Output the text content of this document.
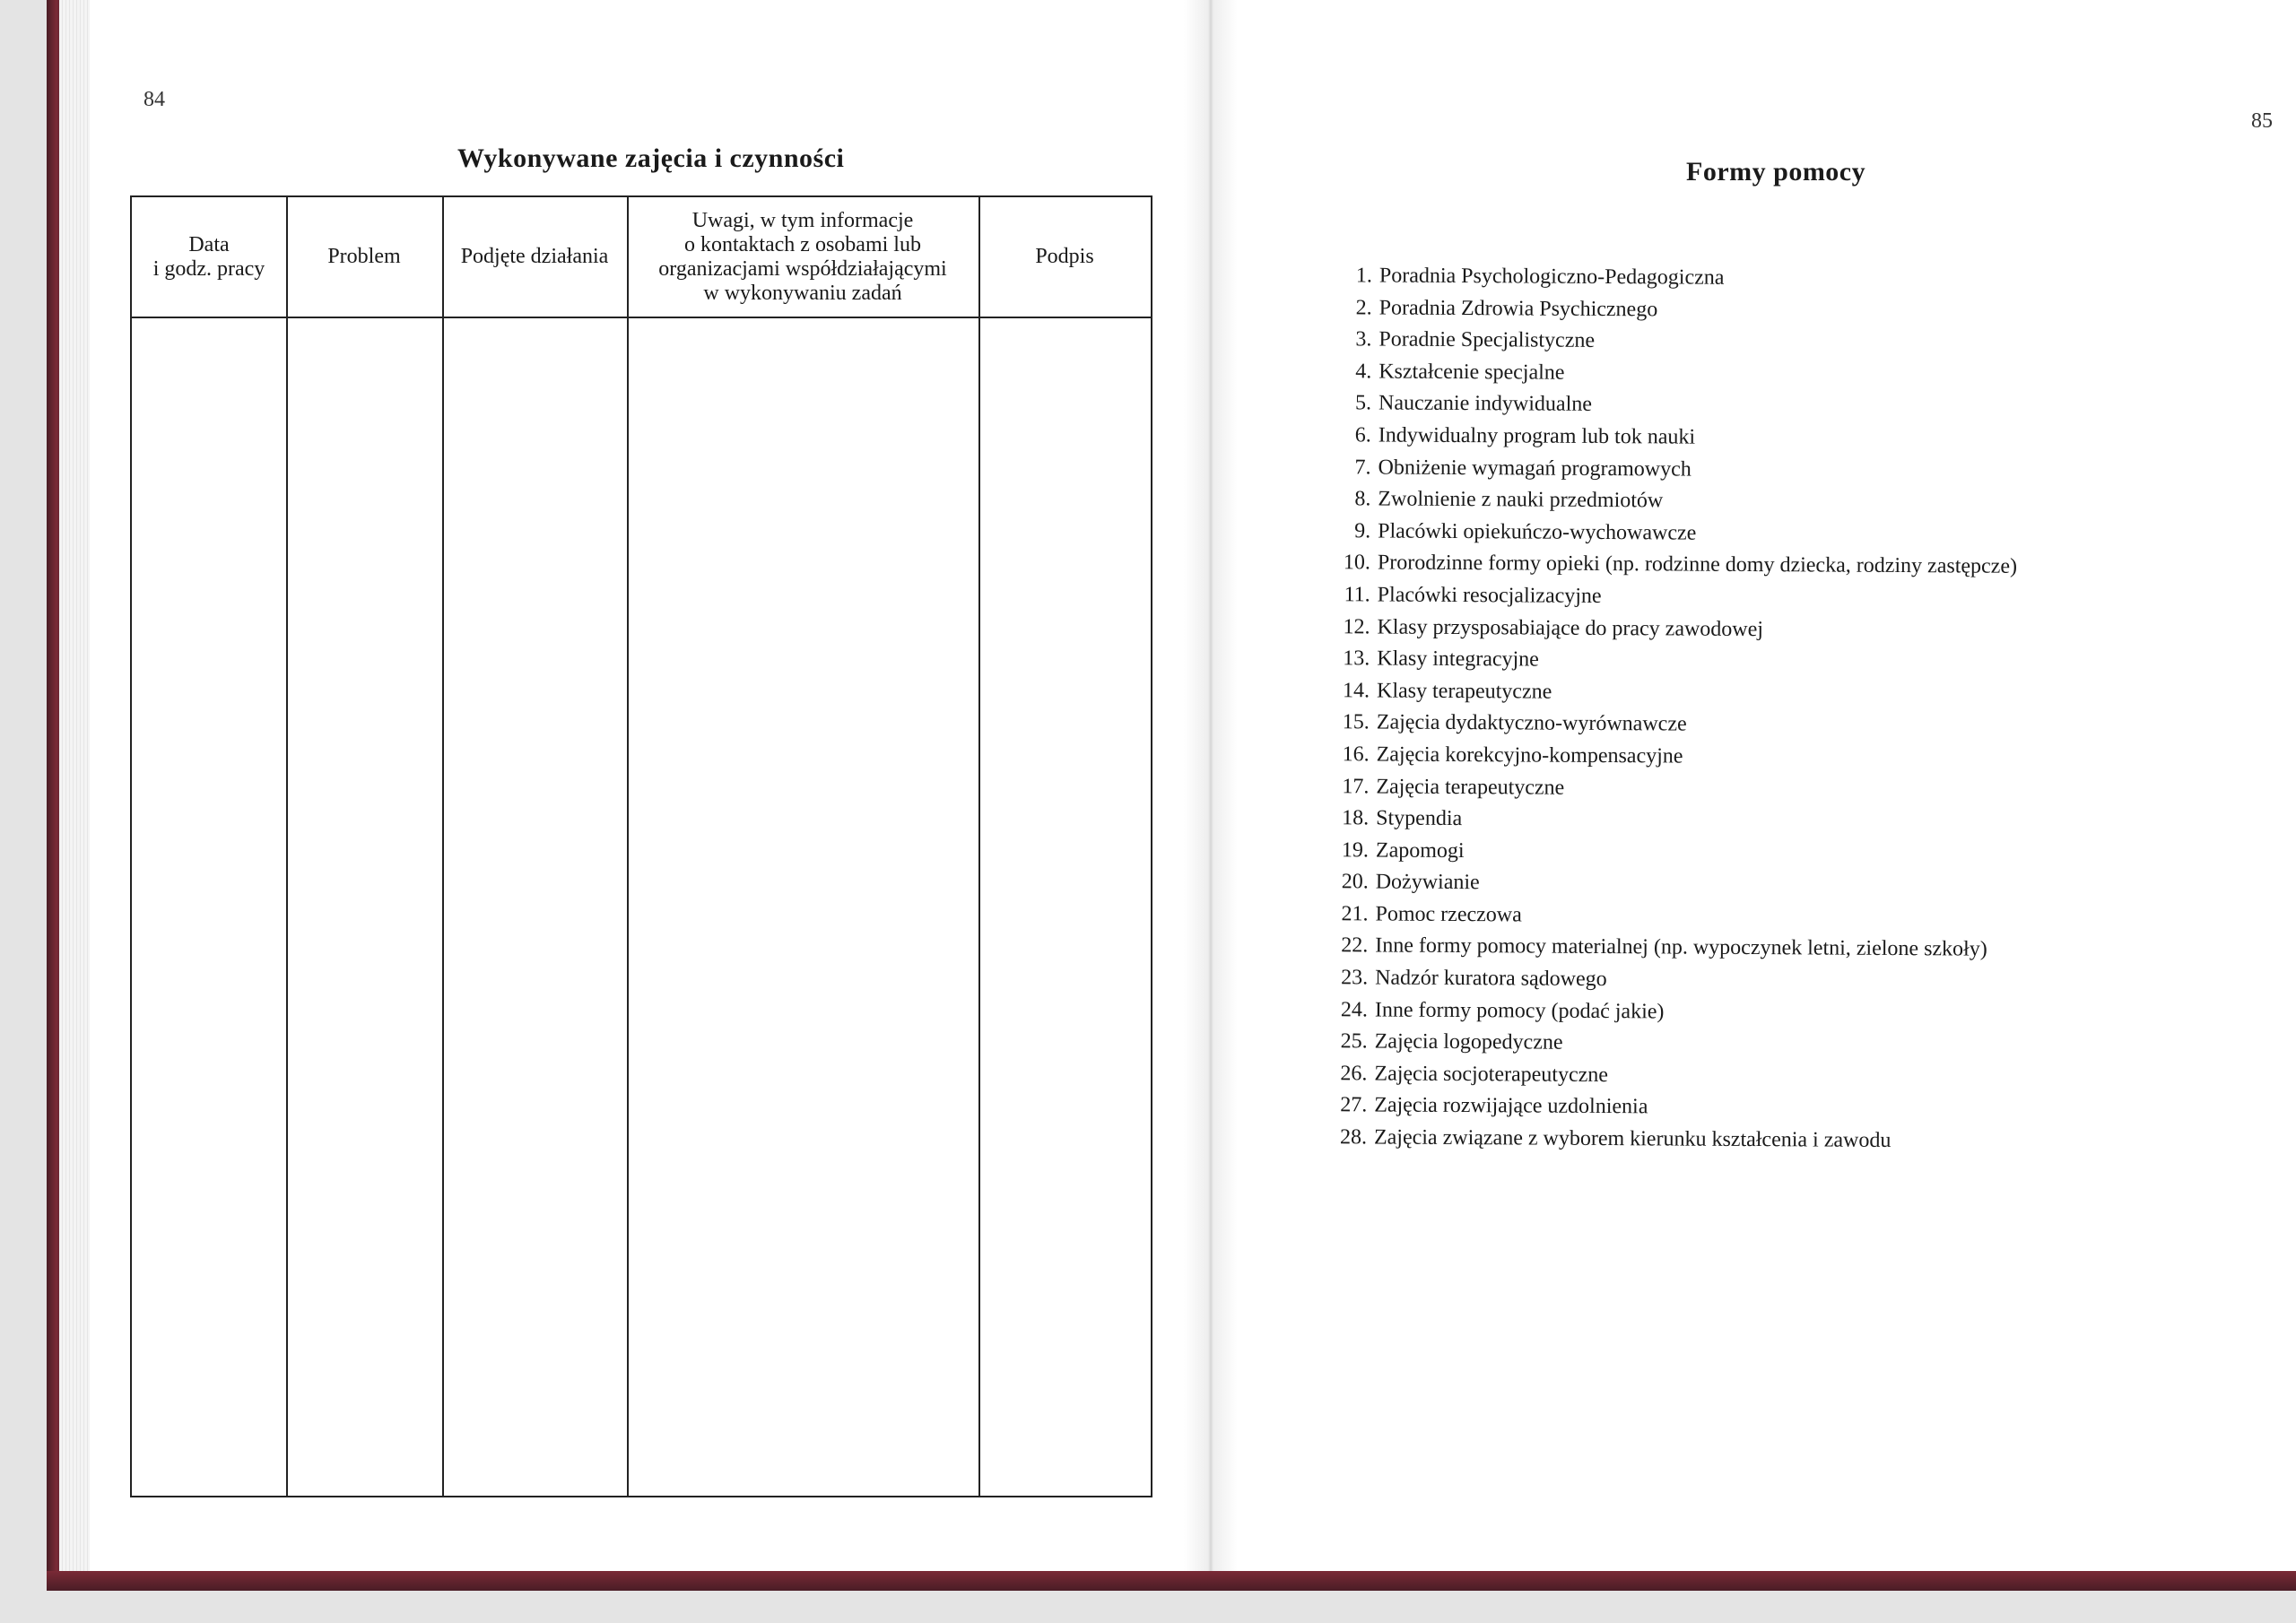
84
Wykonywane zajęcia i czynności
Data
i godz. pracy
Problem	Podjęte działania
Uwagi, w tym informacje
o kontaktach z osobami lub
organizacjami współdziałającymi
w wykonywaniu zadań
Podpis
85
Formy pomocy
1. Poradnia Psychologiczno-Pedagogiczna
2. Poradnia Zdrowia Psychicznego
3. Poradnie Specjalistyczne
4. Kształcenie specjalne
5. Nauczanie indywidualne
6. Indywidualny program lub tok nauki
7. Obniżenie wymagań programowych
8. Zwolnienie z nauki przedmiotów
9. Placówki opiekuńczo-wychowawcze
10. Prorodzinne formy opieki (np. rodzinne domy dziecka, rodziny zastępcze)
11. Placówki resocjalizacyjne
12. Klasy przysposabiające do pracy zawodowej
13. Klasy integracyjne
14. Klasy terapeutyczne
15. Zajęcia dydaktyczno-wyrównawcze
16. Zajęcia korekcyjno-kompensacyjne
17. Zajęcia terapeutyczne
18. Stypendia
19. Zapomogi
20. Dożywianie
21. Pomoc rzeczowa
22. Inne formy pomocy materialnej (np. wypoczynek letni, zielone szkoły)
23. Nadzór kuratora sądowego
24. Inne formy pomocy (podać jakie)
25. Zajęcia logopedyczne
26. Zajęcia socjoterapeutyczne
27. Zajęcia rozwijające uzdolnienia
28. Zajęcia związane z wyborem kierunku kształcenia i zawodu
